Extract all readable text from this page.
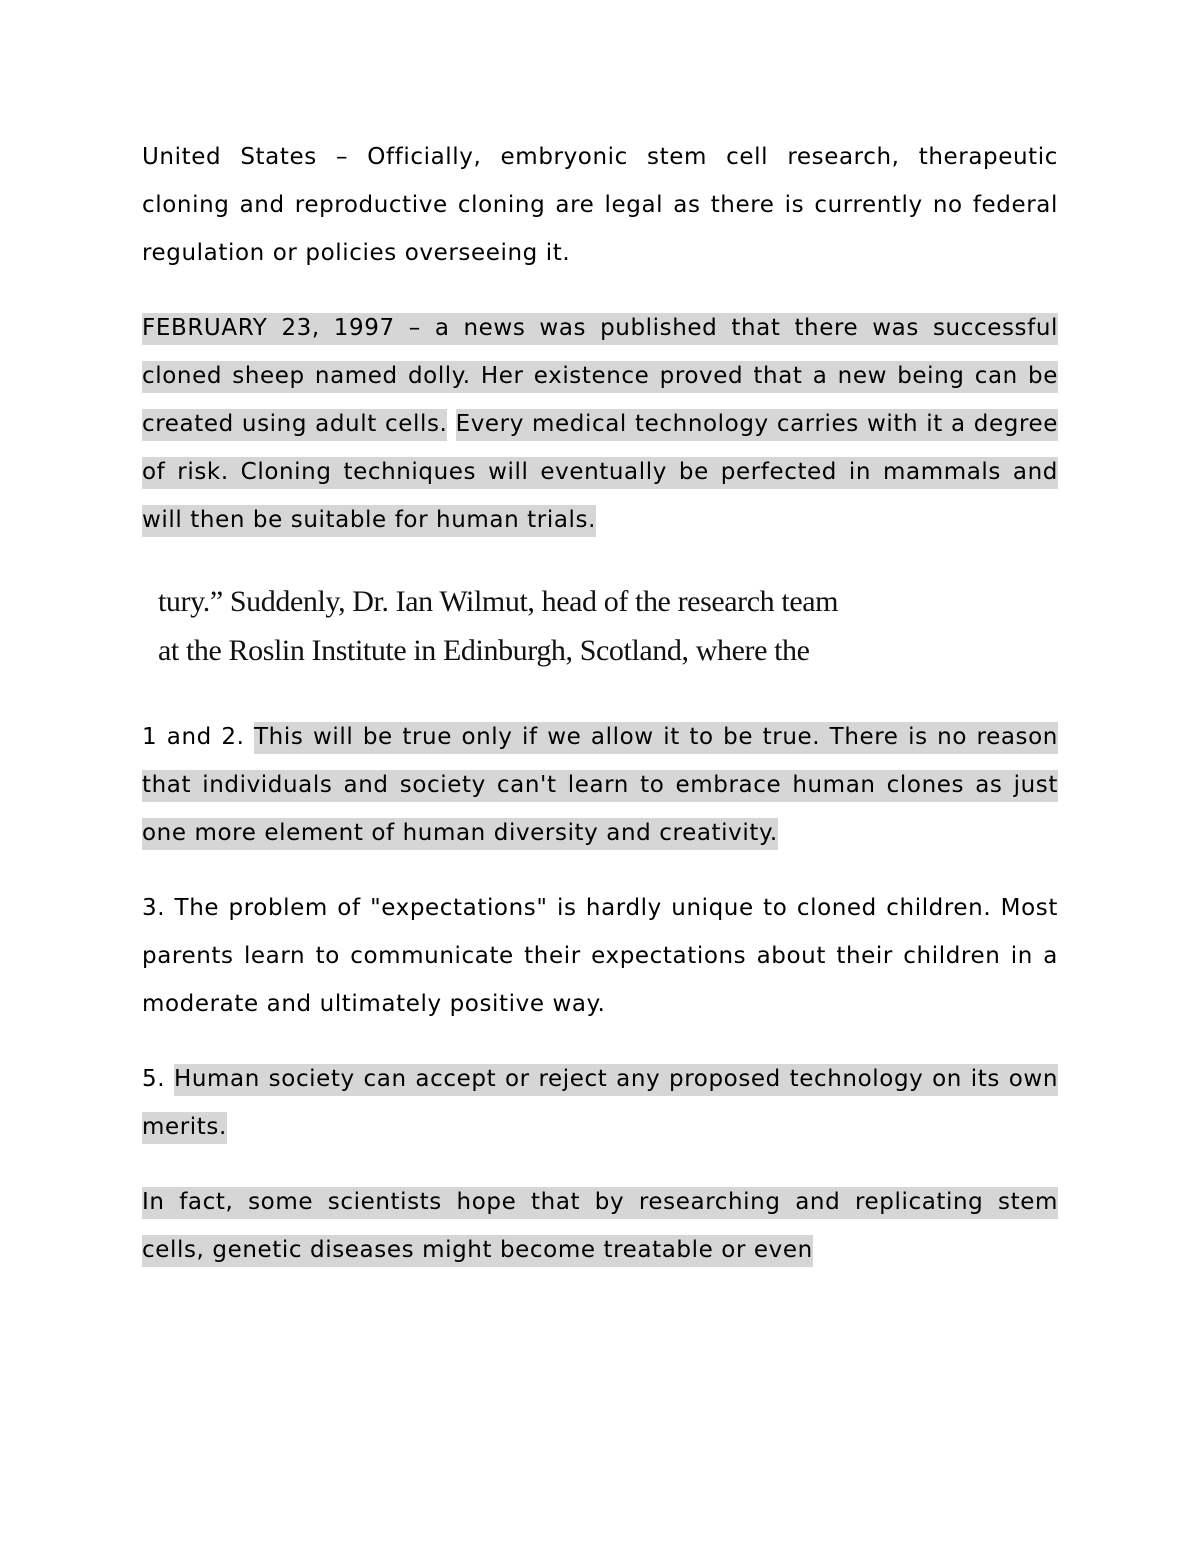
United States – Officially, embryonic stem cell research, therapeutic cloning and reproductive cloning are legal as there is currently no federal regulation or policies overseeing it.

FEBRUARY 23, 1997 – a news was published that there was successful cloned sheep named dolly. Her existence proved that a new being can be created using adult cells. Every medical technology carries with it a degree of risk. Cloning techniques will eventually be perfected in mammals and will then be suitable for human trials.

tury.” Suddenly, Dr. Ian Wilmut, head of the research team
at the Roslin Institute in Edinburgh, Scotland, where the

1 and 2. This will be true only if we allow it to be true. There is no reason that individuals and society can't learn to embrace human clones as just one more element of human diversity and creativity.

3. The problem of "expectations" is hardly unique to cloned children. Most parents learn to communicate their expectations about their children in a moderate and ultimately positive way.

5. Human society can accept or reject any proposed technology on its own merits.

In fact, some scientists hope that by researching and replicating stem cells, genetic diseases might become treatable or even
